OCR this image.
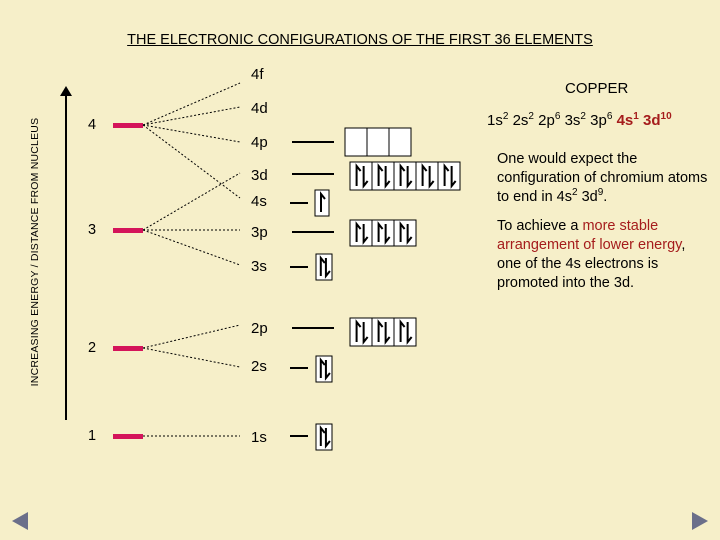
THE ELECTRONIC CONFIGURATIONS OF THE FIRST 36 ELEMENTS
INCREASING ENERGY / DISTANCE FROM NUCLEUS	4
3
2
1
4f
4d
4p
3d
4s
3p
3s
2p
2s
1s
COPPER
$1s^2$ $2s^2$ $2p^6$ $3s^2$ $3p^6$ $4s^1$ $3d^{10}$
One would expect the configuration of chromium atoms to end in $4s^2$ $3d^9$.
To achieve a more stable arrangement of lower energy, one of the 4s electrons is promoted into the 3d.
